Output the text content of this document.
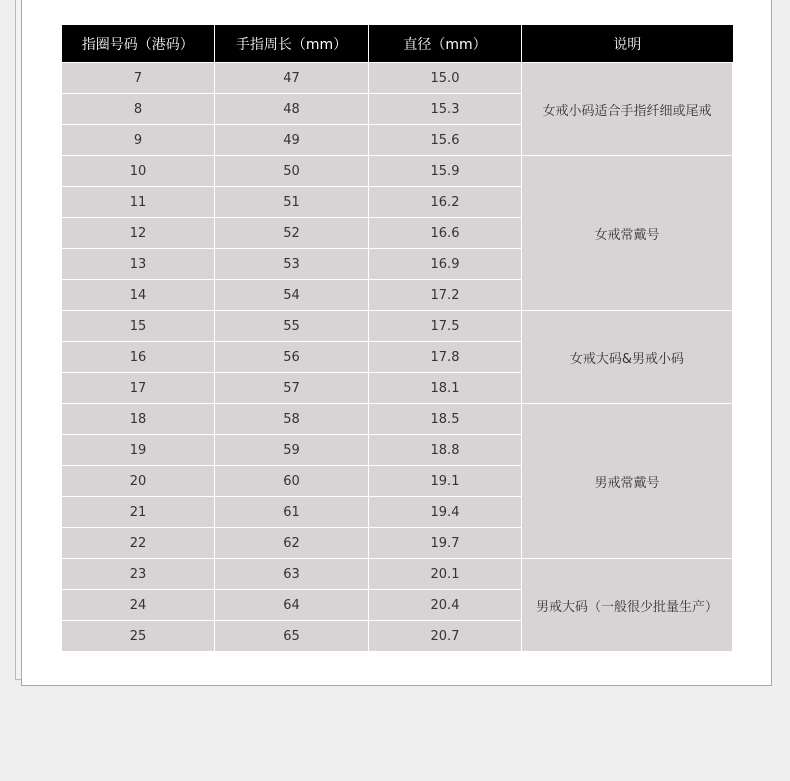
指圈号码（港码）	手指周长（mm）	直径（mm）	说明
7	47	15.0	女戒小码适合手指纤细或尾戒
8	48	15.3	
9	49	15.6	
10	50	15.9	女戒常戴号
11	51	16.2	
12	52	16.6	
13	53	16.9	
14	54	17.2	
15	55	17.5	女戒大码&男戒小码
16	56	17.8	
17	57	18.1	
18	58	18.5	男戒常戴号
19	59	18.8	
20	60	19.1	
21	61	19.4	
22	62	19.7	
23	63	20.1	男戒大码（一般很少批量生产）
24	64	20.4	
25	65	20.7	
